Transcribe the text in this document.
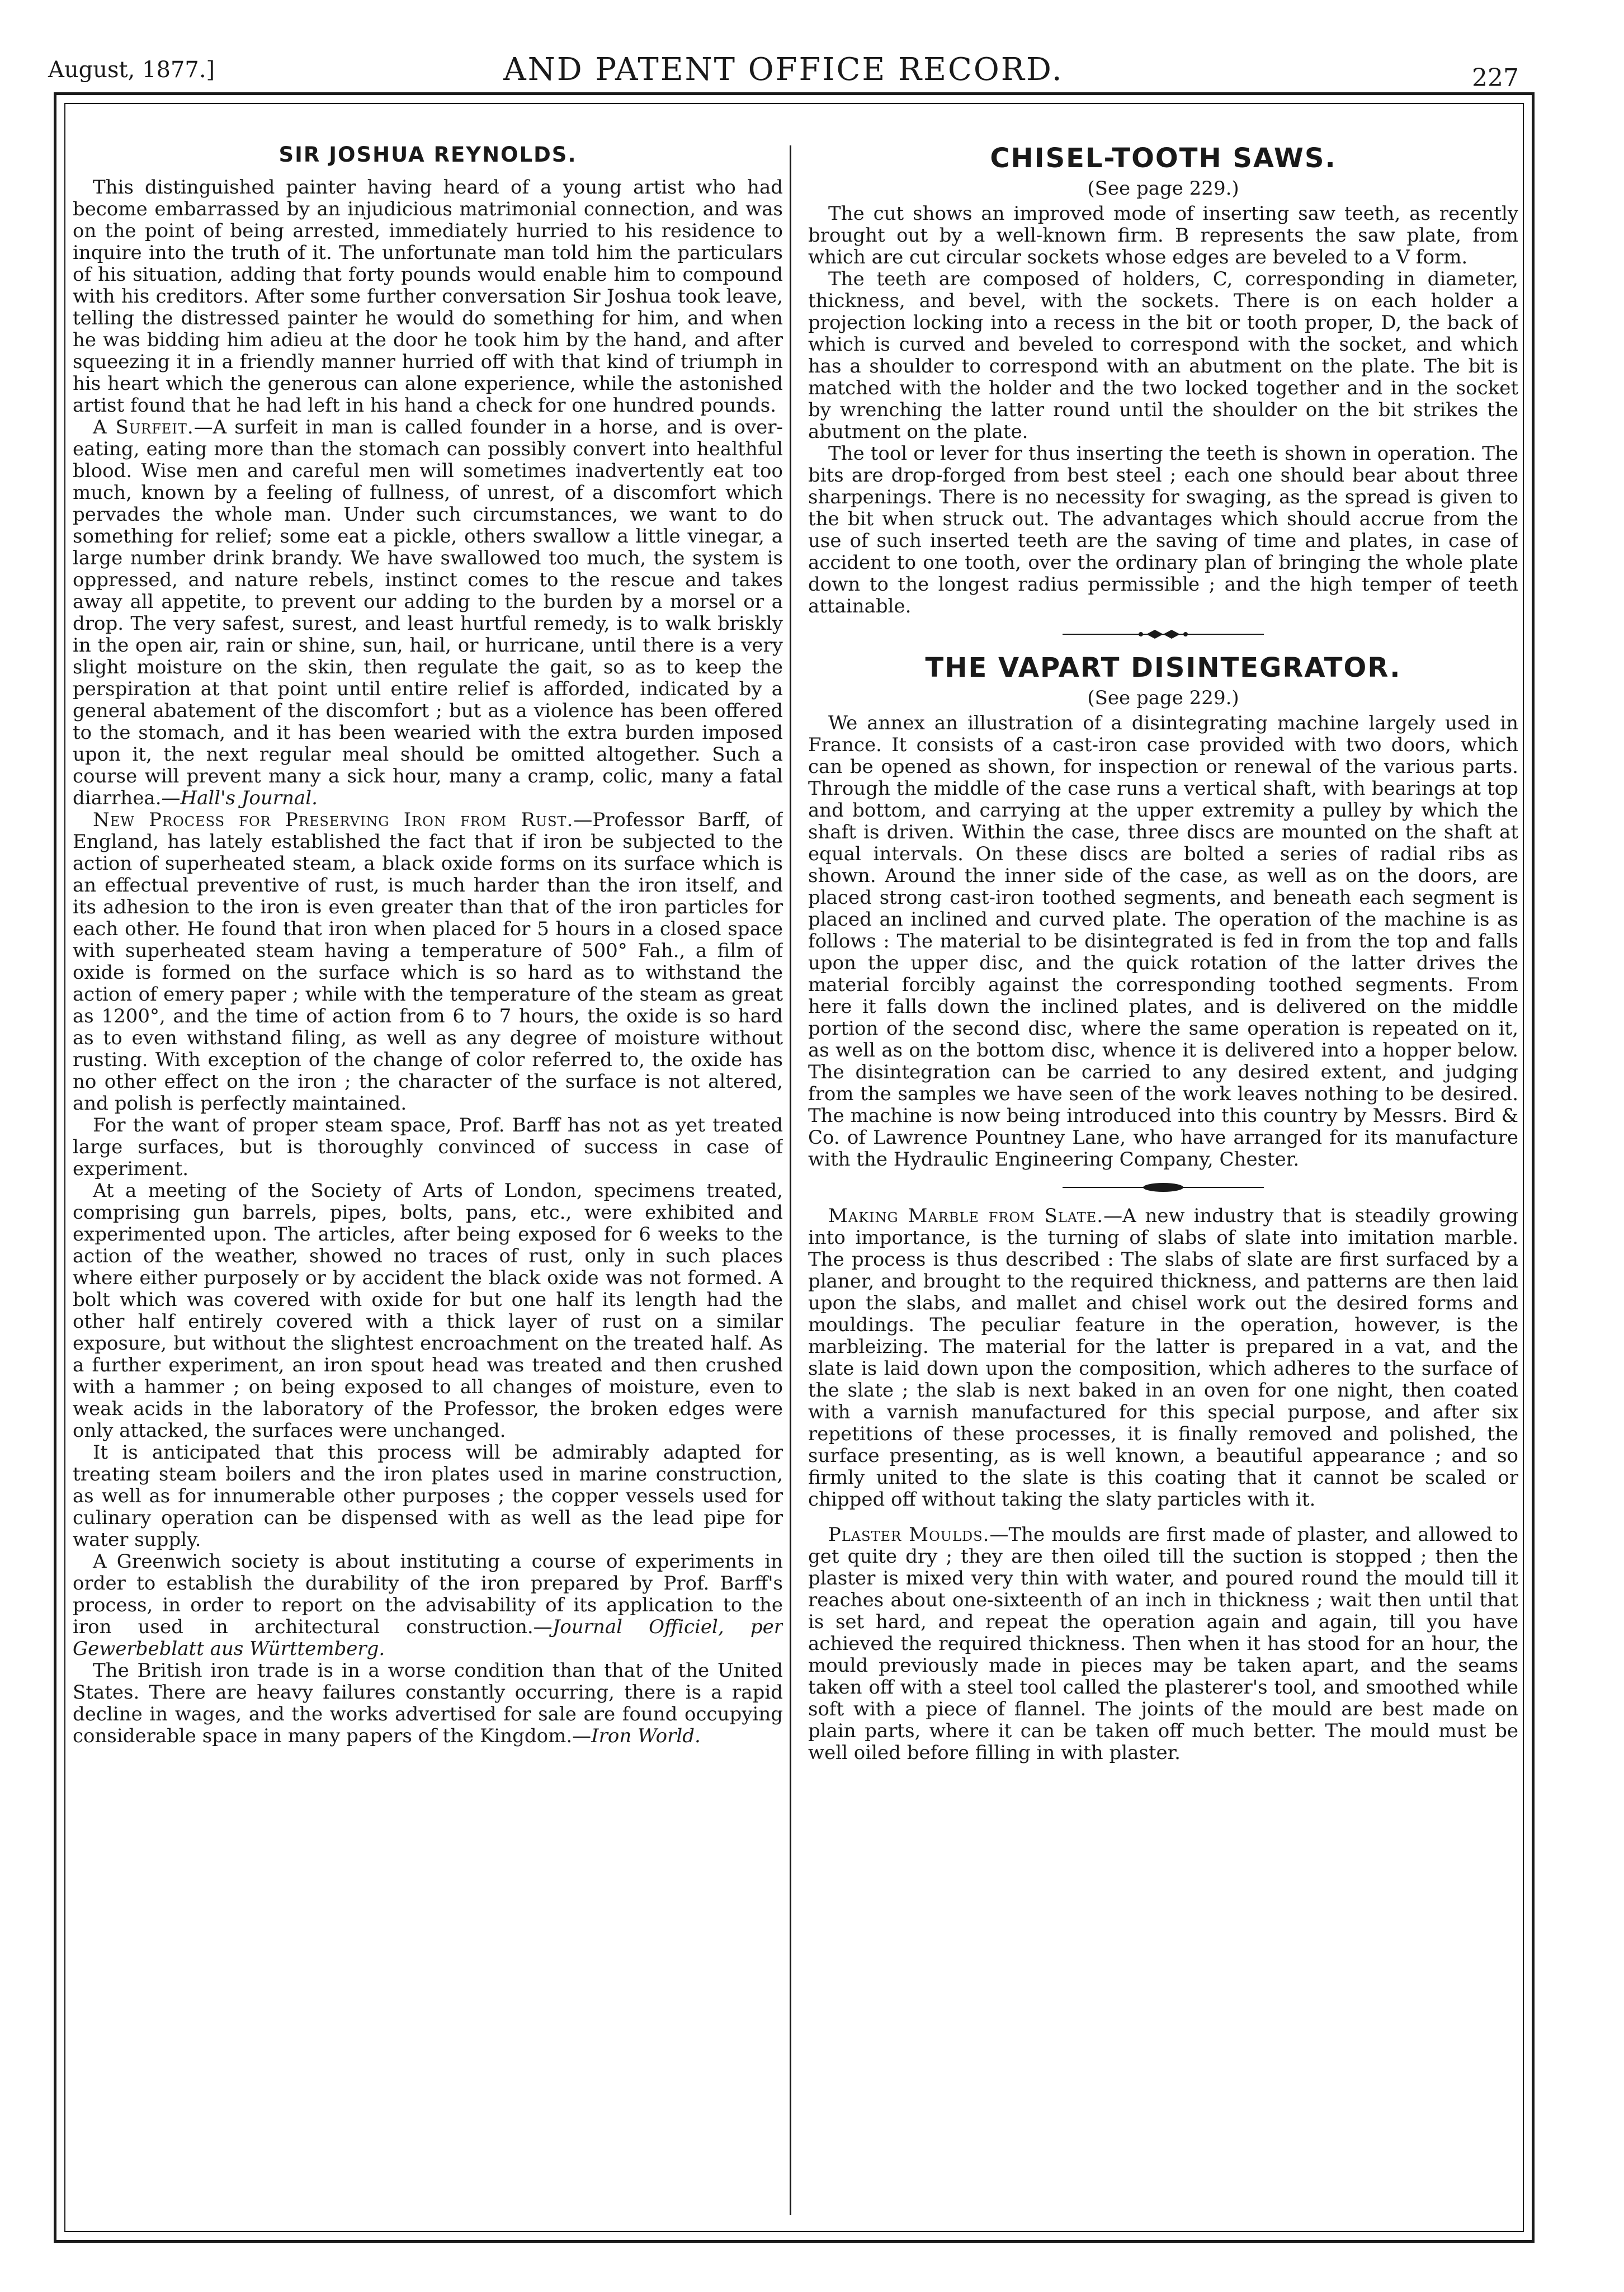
August, 1877.]	AND PATENT OFFICE RECORD.	227
SIR JOSHUA REYNOLDS.

This distinguished painter having heard of a young artist who had become embarrassed by an injudicious matrimonial connection, and was on the point of being arrested, immediately hurried to his residence to inquire into the truth of it. The unfortunate man told him the particulars of his situation, adding that forty pounds would enable him to compound with his creditors. After some further conversation Sir Joshua took leave, telling the distressed painter he would do something for him, and when he was bidding him adieu at the door he took him by the hand, and after squeezing it in a friendly manner hurried off with that kind of triumph in his heart which the generous can alone experience, while the astonished artist found that he had left in his hand a check for one hundred pounds.

A Surfeit.—A surfeit in man is called founder in a horse, and is over-eating, eating more than the stomach can possibly convert into healthful blood. Wise men and careful men will sometimes inadvertently eat too much, known by a feeling of fullness, of unrest, of a discomfort which pervades the whole man. Under such circumstances, we want to do something for relief; some eat a pickle, others swallow a little vinegar, a large number drink brandy. We have swallowed too much, the system is oppressed, and nature rebels, instinct comes to the rescue and takes away all appetite, to prevent our adding to the burden by a morsel or a drop. The very safest, surest, and least hurtful remedy, is to walk briskly in the open air, rain or shine, sun, hail, or hurricane, until there is a very slight moisture on the skin, then regulate the gait, so as to keep the perspiration at that point until entire relief is afforded, indicated by a general abatement of the discomfort ; but as a violence has been offered to the stomach, and it has been wearied with the extra burden imposed upon it, the next regular meal should be omitted altogether. Such a course will prevent many a sick hour, many a cramp, colic, many a fatal diarrhea.—Hall's Journal.

New Process for Preserving Iron from Rust.—Professor Barff, of England, has lately established the fact that if iron be subjected to the action of superheated steam, a black oxide forms on its surface which is an effectual preventive of rust, is much harder than the iron itself, and its adhesion to the iron is even greater than that of the iron particles for each other. He found that iron when placed for 5 hours in a closed space with superheated steam having a temperature of 500° Fah., a film of oxide is formed on the surface which is so hard as to withstand the action of emery paper ; while with the temperature of the steam as great as 1200°, and the time of action from 6 to 7 hours, the oxide is so hard as to even withstand filing, as well as any degree of moisture without rusting. With exception of the change of color referred to, the oxide has no other effect on the iron ; the character of the surface is not altered, and polish is perfectly maintained.

For the want of proper steam space, Prof. Barff has not as yet treated large surfaces, but is thoroughly convinced of success in case of experiment.

At a meeting of the Society of Arts of London, specimens treated, comprising gun barrels, pipes, bolts, pans, etc., were exhibited and experimented upon. The articles, after being exposed for 6 weeks to the action of the weather, showed no traces of rust, only in such places where either purposely or by accident the black oxide was not formed. A bolt which was covered with oxide for but one half its length had the other half entirely covered with a thick layer of rust on a similar exposure, but without the slightest encroachment on the treated half. As a further experiment, an iron spout head was treated and then crushed with a hammer ; on being exposed to all changes of moisture, even to weak acids in the laboratory of the Professor, the broken edges were only attacked, the surfaces were unchanged.

It is anticipated that this process will be admirably adapted for treating steam boilers and the iron plates used in marine construction, as well as for innumerable other purposes ; the copper vessels used for culinary operation can be dispensed with as well as the lead pipe for water supply.

A Greenwich society is about instituting a course of experiments in order to establish the durability of the iron prepared by Prof. Barff's process, in order to report on the advisability of its application to the iron used in architectural construction.—Journal Officiel, per Gewerbeblatt aus Württemberg.

The British iron trade is in a worse condition than that of the United States. There are heavy failures constantly occurring, there is a rapid decline in wages, and the works advertised for sale are found occupying considerable space in many papers of the Kingdom.—Iron World.

CHISEL-TOOTH SAWS.
(See page 229.)

The cut shows an improved mode of inserting saw teeth, as recently brought out by a well-known firm. B represents the saw plate, from which are cut circular sockets whose edges are beveled to a V form.

The teeth are composed of holders, C, corresponding in diameter, thickness, and bevel, with the sockets. There is on each holder a projection locking into a recess in the bit or tooth proper, D, the back of which is curved and beveled to correspond with the socket, and which has a shoulder to correspond with an abutment on the plate. The bit is matched with the holder and the two locked together and in the socket by wrenching the latter round until the shoulder on the bit strikes the abutment on the plate.

The tool or lever for thus inserting the teeth is shown in operation. The bits are drop-forged from best steel ; each one should bear about three sharpenings. There is no necessity for swaging, as the spread is given to the bit when struck out. The advantages which should accrue from the use of such inserted teeth are the saving of time and plates, in case of accident to one tooth, over the ordinary plan of bringing the whole plate down to the longest radius permissible ; and the high temper of teeth attainable.

THE VAPART DISINTEGRATOR.
(See page 229.)

We annex an illustration of a disintegrating machine largely used in France. It consists of a cast-iron case provided with two doors, which can be opened as shown, for inspection or renewal of the various parts. Through the middle of the case runs a vertical shaft, with bearings at top and bottom, and carrying at the upper extremity a pulley by which the shaft is driven. Within the case, three discs are mounted on the shaft at equal intervals. On these discs are bolted a series of radial ribs as shown. Around the inner side of the case, as well as on the doors, are placed strong cast-iron toothed segments, and beneath each segment is placed an inclined and curved plate. The operation of the machine is as follows : The material to be disintegrated is fed in from the top and falls upon the upper disc, and the quick rotation of the latter drives the material forcibly against the corresponding toothed segments. From here it falls down the inclined plates, and is delivered on the middle portion of the second disc, where the same operation is repeated on it, as well as on the bottom disc, whence it is delivered into a hopper below. The disintegration can be carried to any desired extent, and judging from the samples we have seen of the work leaves nothing to be desired. The machine is now being introduced into this country by Messrs. Bird & Co. of Lawrence Pountney Lane, who have arranged for its manufacture with the Hydraulic Engineering Company, Chester.

Making Marble from Slate.—A new industry that is steadily growing into importance, is the turning of slabs of slate into imitation marble. The process is thus described : The slabs of slate are first surfaced by a planer, and brought to the required thickness, and patterns are then laid upon the slabs, and mallet and chisel work out the desired forms and mouldings. The peculiar feature in the operation, however, is the marbleizing. The material for the latter is prepared in a vat, and the slate is laid down upon the composition, which adheres to the surface of the slate ; the slab is next baked in an oven for one night, then coated with a varnish manufactured for this special purpose, and after six repetitions of these processes, it is finally removed and polished, the surface presenting, as is well known, a beautiful appearance ; and so firmly united to the slate is this coating that it cannot be scaled or chipped off without taking the slaty particles with it.

Plaster Moulds.—The moulds are first made of plaster, and allowed to get quite dry ; they are then oiled till the suction is stopped ; then the plaster is mixed very thin with water, and poured round the mould till it reaches about one-sixteenth of an inch in thickness ; wait then until that is set hard, and repeat the operation again and again, till you have achieved the required thickness. Then when it has stood for an hour, the mould previously made in pieces may be taken apart, and the seams taken off with a steel tool called the plasterer's tool, and smoothed while soft with a piece of flannel. The joints of the mould are best made on plain parts, where it can be taken off much better. The mould must be well oiled before filling in with plaster.
